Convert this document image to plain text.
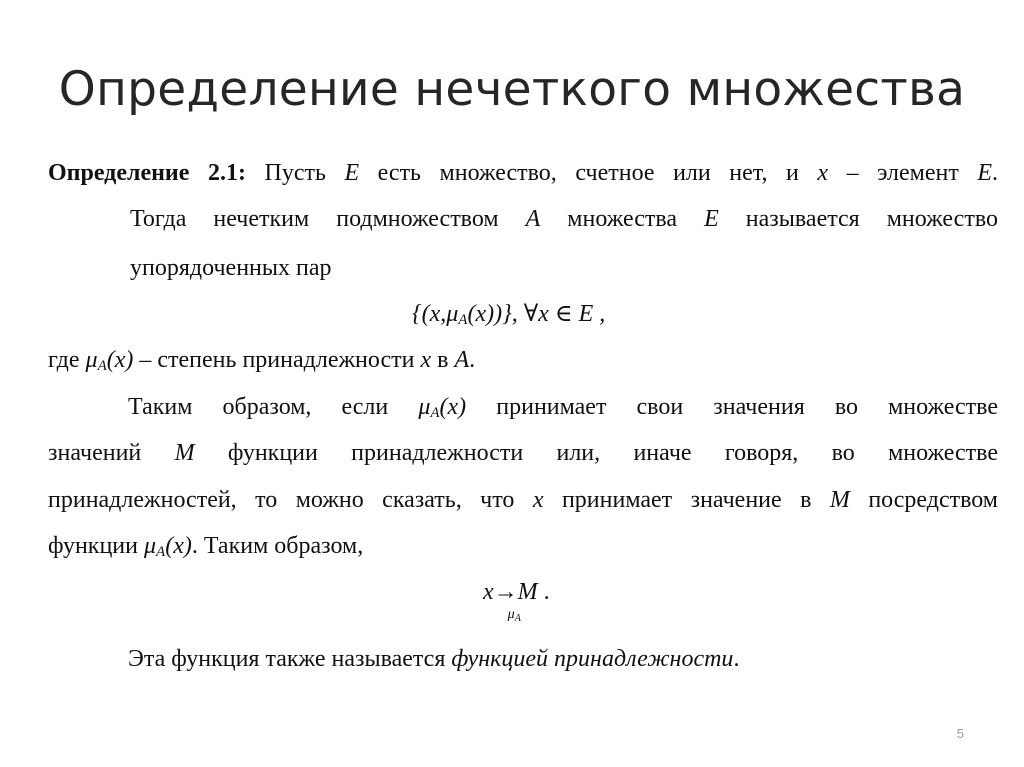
Определение нечеткого множества
Определение 2.1: Пусть E есть множество, счетное или нет, и x – элемент E.
Тогда нечетким подмножеством A множества E называется множество
упорядоченных пар
$\{(x,\mu_A(x))\}$, ∀x ∈ E ,
где $\mu_A(x)$ – степень принадлежности x в A.
Таким образом, если $\mu_A(x)$ принимает свои значения во множестве
значений M функции принадлежности или, иначе говоря, во множестве
принадлежностей, то можно сказать, что x принимает значение в M посредством
функции $\mu_A(x)$. Таким образом,
x→
$\mu_A$
M .
Эта функция также называется функцией принадлежности.
5
